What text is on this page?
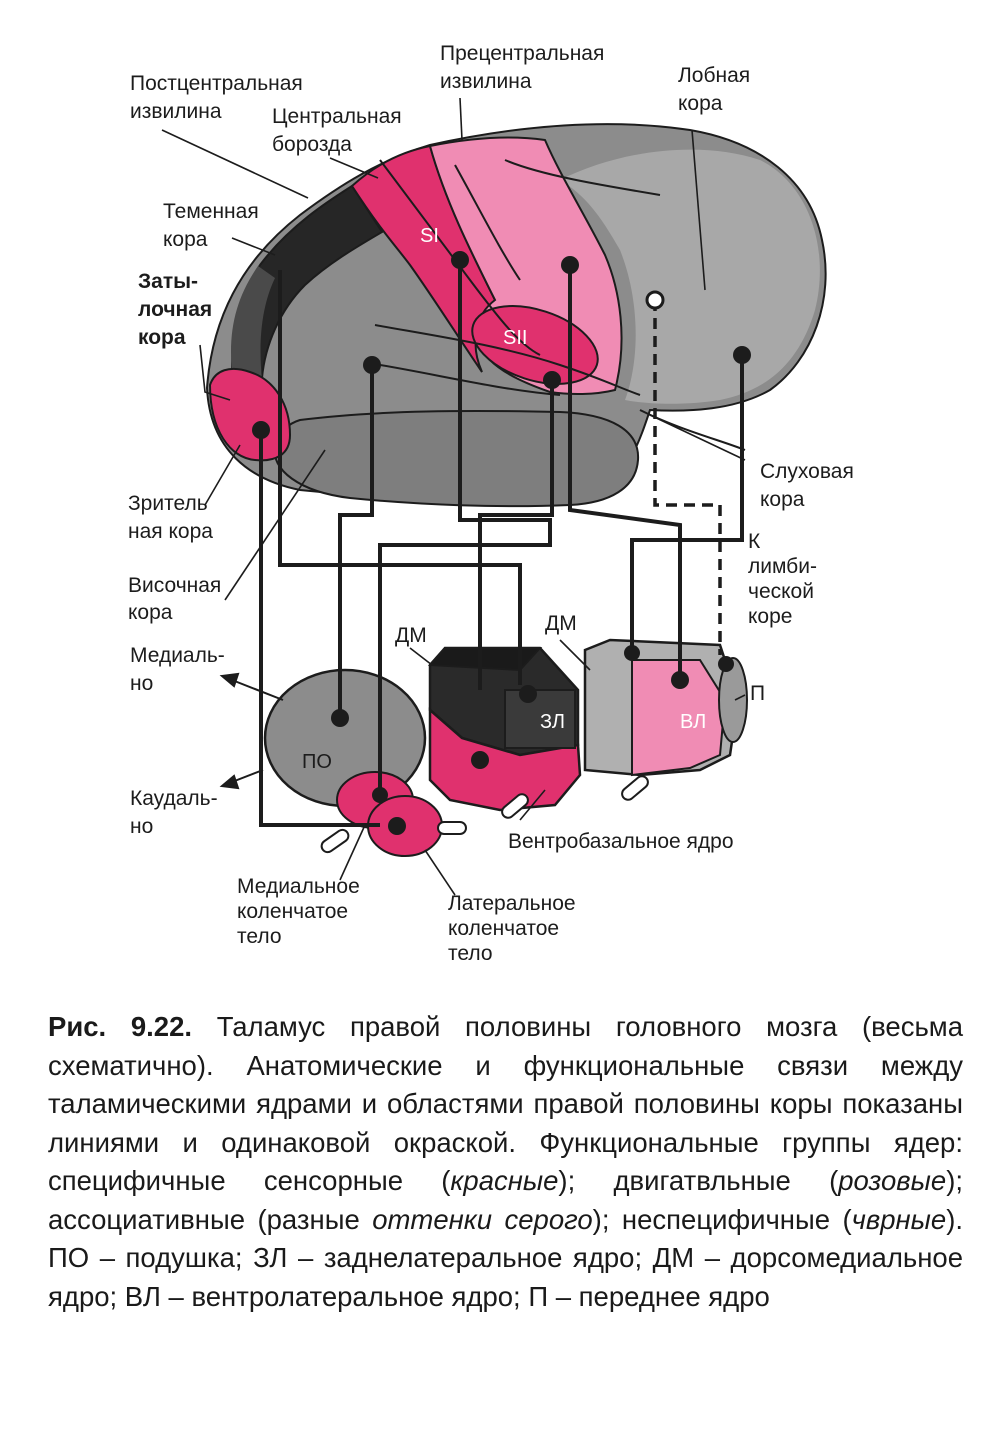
SI
SII
ПО
ЗЛ	ВЛ
Прецентральная извилина	Лобная кора
Постцентральная извилина	Центральная борозда
Теменная кора
Заты- лочная кора
Зритель ная кора
Височная кора
Слуховая кора
К лимби- ческой коре
Медиаль- но
Каудаль- но
ДМ
ДМ
П
Вентробазальное ядро
Медиальное коленчатое тело
Латеральное коленчатое тело
Рис. 9.22. Таламус правой половины головного мозга (весьма схематично). Анатомические и функциональные связи между таламическими ядрами и областями правой половины коры показаны линиями и одинаковой окраской. Функциональные группы ядер: специфичные сенсорные (красные); двигатвльные (розовые); ассоциативные (разные оттенки серого); неспецифичные (чврные). ПО – подушка; ЗЛ – заднелатеральное ядро; ДМ – дорсомедиальное ядро; ВЛ – вентролатеральное ядро; П – переднее ядро
